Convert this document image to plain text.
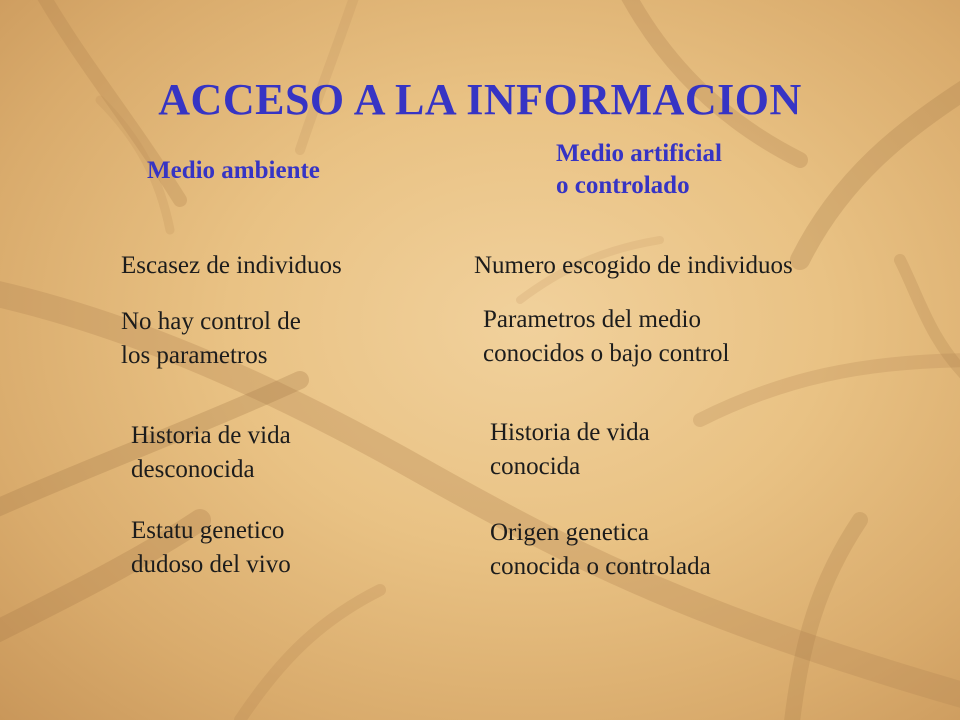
ACCESO A LA INFORMACION
Medio ambiente
Medio artificial
o controlado
Escasez de individuos
No hay control de
los parametros
Historia de vida
desconocida
Estatu genetico
dudoso del vivo
Numero escogido de individuos
Parametros del medio
conocidos o bajo control
Historia de vida
conocida
Origen genetica
conocida o controlada
